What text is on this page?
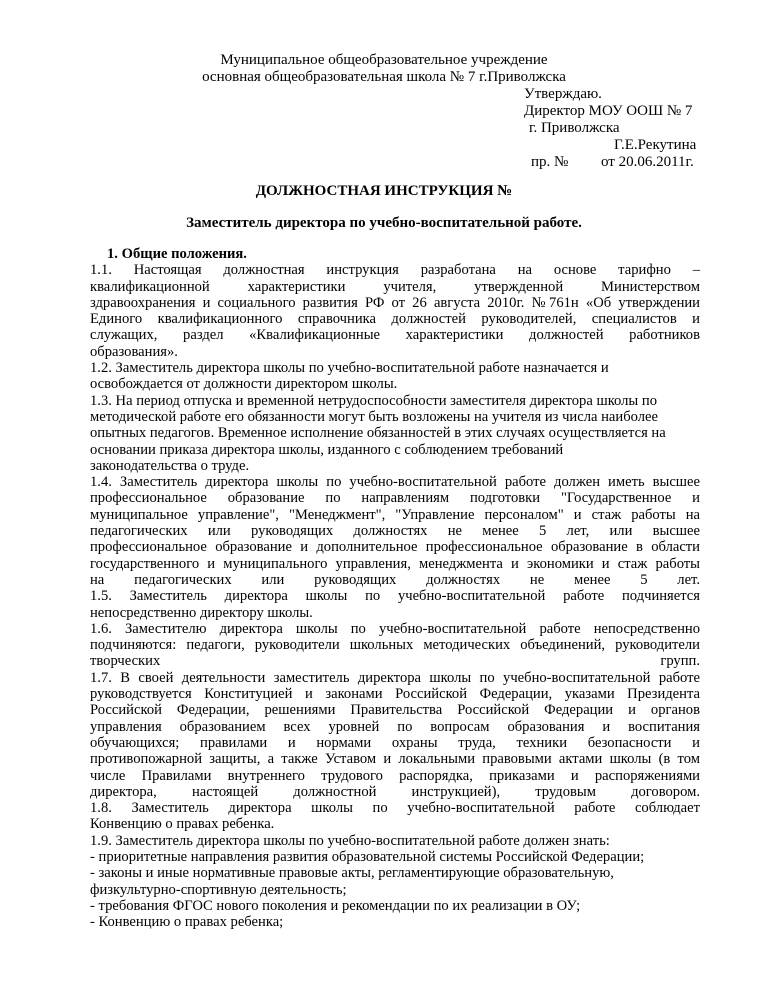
Муниципальное общеобразовательное учреждение
основная общеобразовательная школа № 7 г.Приволжска
Утверждаю.
Директор МОУ ООШ № 7
г. Приволжска
Г.Е.Рекутина
пр. № от 20.06.2011г.
ДОЛЖНОСТНАЯ ИНСТРУКЦИЯ №
Заместитель директора по учебно-воспитательной работе.

1. Общие положения.

1.1. Настоящая должностная инструкция разработана на основе тарифно –

квалификационной характеристики учителя, утвержденной Министерством

здравоохранения и социального развития РФ от 26 августа 2010г. №761н «Об утверждении

Единого квалификационного справочника должностей руководителей, специалистов и

служащих, раздел «Квалификационные характеристики должностей работников

образования».

1.2. Заместитель директора школы по учебно-воспитательной работе назначается и

освобождается от должности директором школы.

1.3. На период отпуска и временной нетрудоспособности заместителя директора школы по

методической работе его обязанности могут быть возложены на учителя из числа наиболее

опытных педагогов. Временное исполнение обязанностей в этих случаях осуществляется на

основании приказа директора школы, изданного с соблюдением требований

законодательства о труде.

1.4. Заместитель директора школы по учебно-воспитательной работе должен иметь высшее

профессиональное образование по направлениям подготовки "Государственное и

муниципальное управление", "Менеджмент", "Управление персоналом" и стаж работы на

педагогических или руководящих должностях не менее 5 лет, или высшее

профессиональное образование и дополнительное профессиональное образование в области

государственного и муниципального управления, менеджмента и экономики и стаж работы

на педагогических или руководящих должностях не менее 5 лет.

1.5. Заместитель директора школы по учебно-воспитательной работе подчиняется

непосредственно директору школы.

1.6. Заместителю директора школы по учебно-воспитательной работе непосредственно

подчиняются: педагоги, руководители школьных методических объединений, руководители

творческих	групп.

1.7. В своей деятельности заместитель директора школы по учебно-воспитательной работе

руководствуется Конституцией и законами Российской Федерации, указами Президента

Российской Федерации, решениями Правительства Российской Федерации и органов

управления образованием всех уровней по вопросам образования и воспитания

обучающихся; правилами и нормами охраны труда, техники безопасности и

противопожарной защиты, а также Уставом и локальными правовыми актами школы (в том

числе Правилами внутреннего трудового распорядка, приказами и распоряжениями

директора, настоящей должностной инструкцией), трудовым договором.

1.8. Заместитель директора школы по учебно-воспитательной работе соблюдает

Конвенцию о правах ребенка.

1.9. Заместитель директора школы по учебно-воспитательной работе должен знать:

- приоритетные направления развития образовательной системы Российской Федерации;

- законы и иные нормативные правовые акты, регламентирующие образовательную,

физкультурно-спортивную деятельность;

- требования ФГОС нового поколения и рекомендации по их реализации в ОУ;

- Конвенцию о правах ребенка;
